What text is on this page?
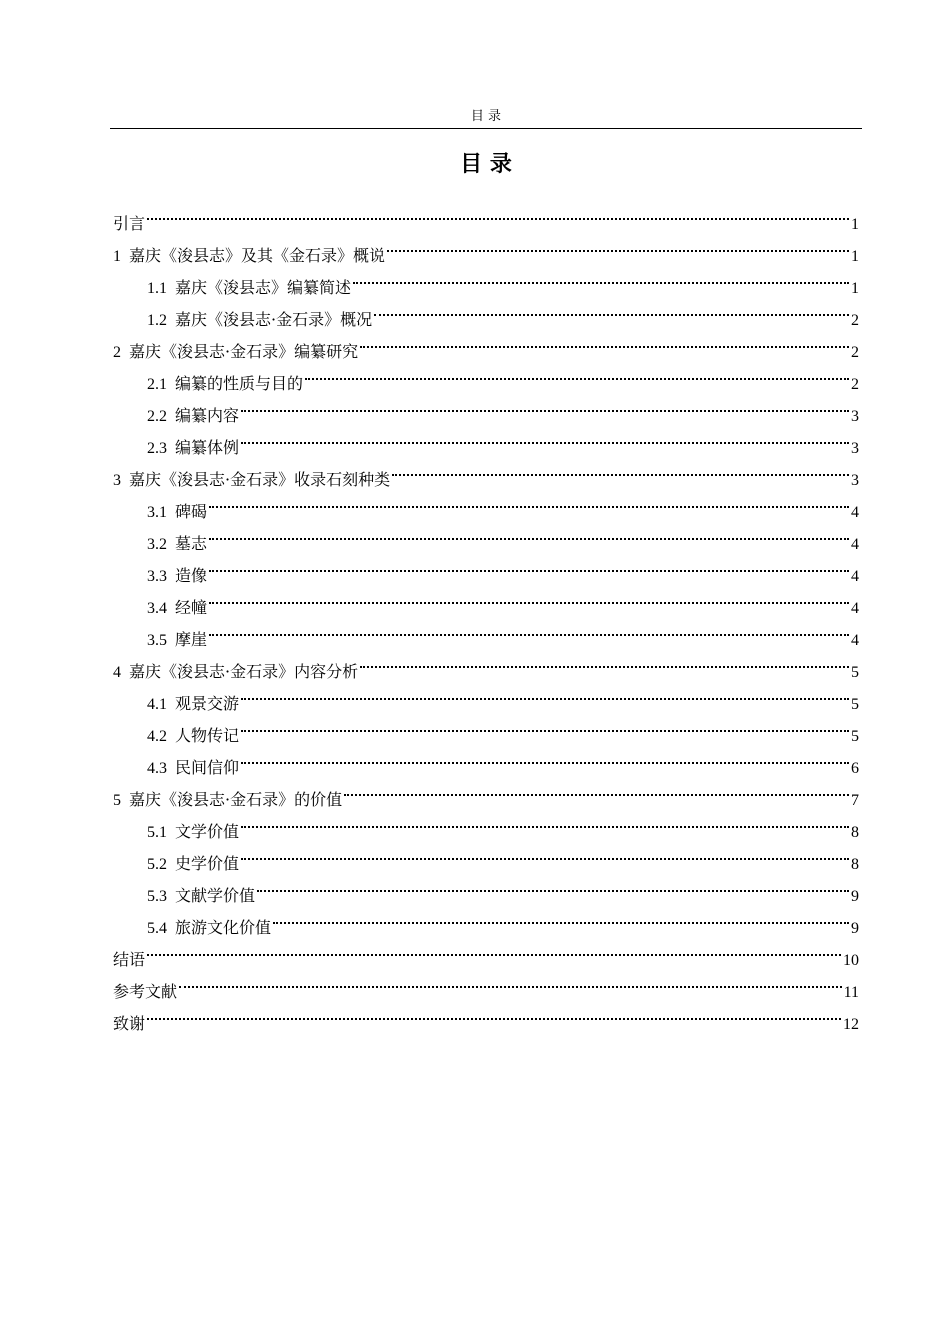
目 录
目 录
引言	1
1 嘉庆《浚县志》及其《金石录》概说	1
1.1 嘉庆《浚县志》编纂简述	1
1.2 嘉庆《浚县志·金石录》概况	2
2 嘉庆《浚县志·金石录》编纂研究	2
2.1 编纂的性质与目的	2
2.2 编纂内容	3
2.3 编纂体例	3
3 嘉庆《浚县志·金石录》收录石刻种类	3
3.1 碑碣	4
3.2 墓志	4
3.3 造像	4
3.4 经幢	4
3.5 摩崖	4
4 嘉庆《浚县志·金石录》内容分析	5
4.1 观景交游	5
4.2 人物传记	5
4.3 民间信仰	6
5 嘉庆《浚县志·金石录》的价值	7
5.1 文学价值	8
5.2 史学价值	8
5.3 文献学价值	9
5.4 旅游文化价值	9
结语	10
参考文献	11
致谢	12
